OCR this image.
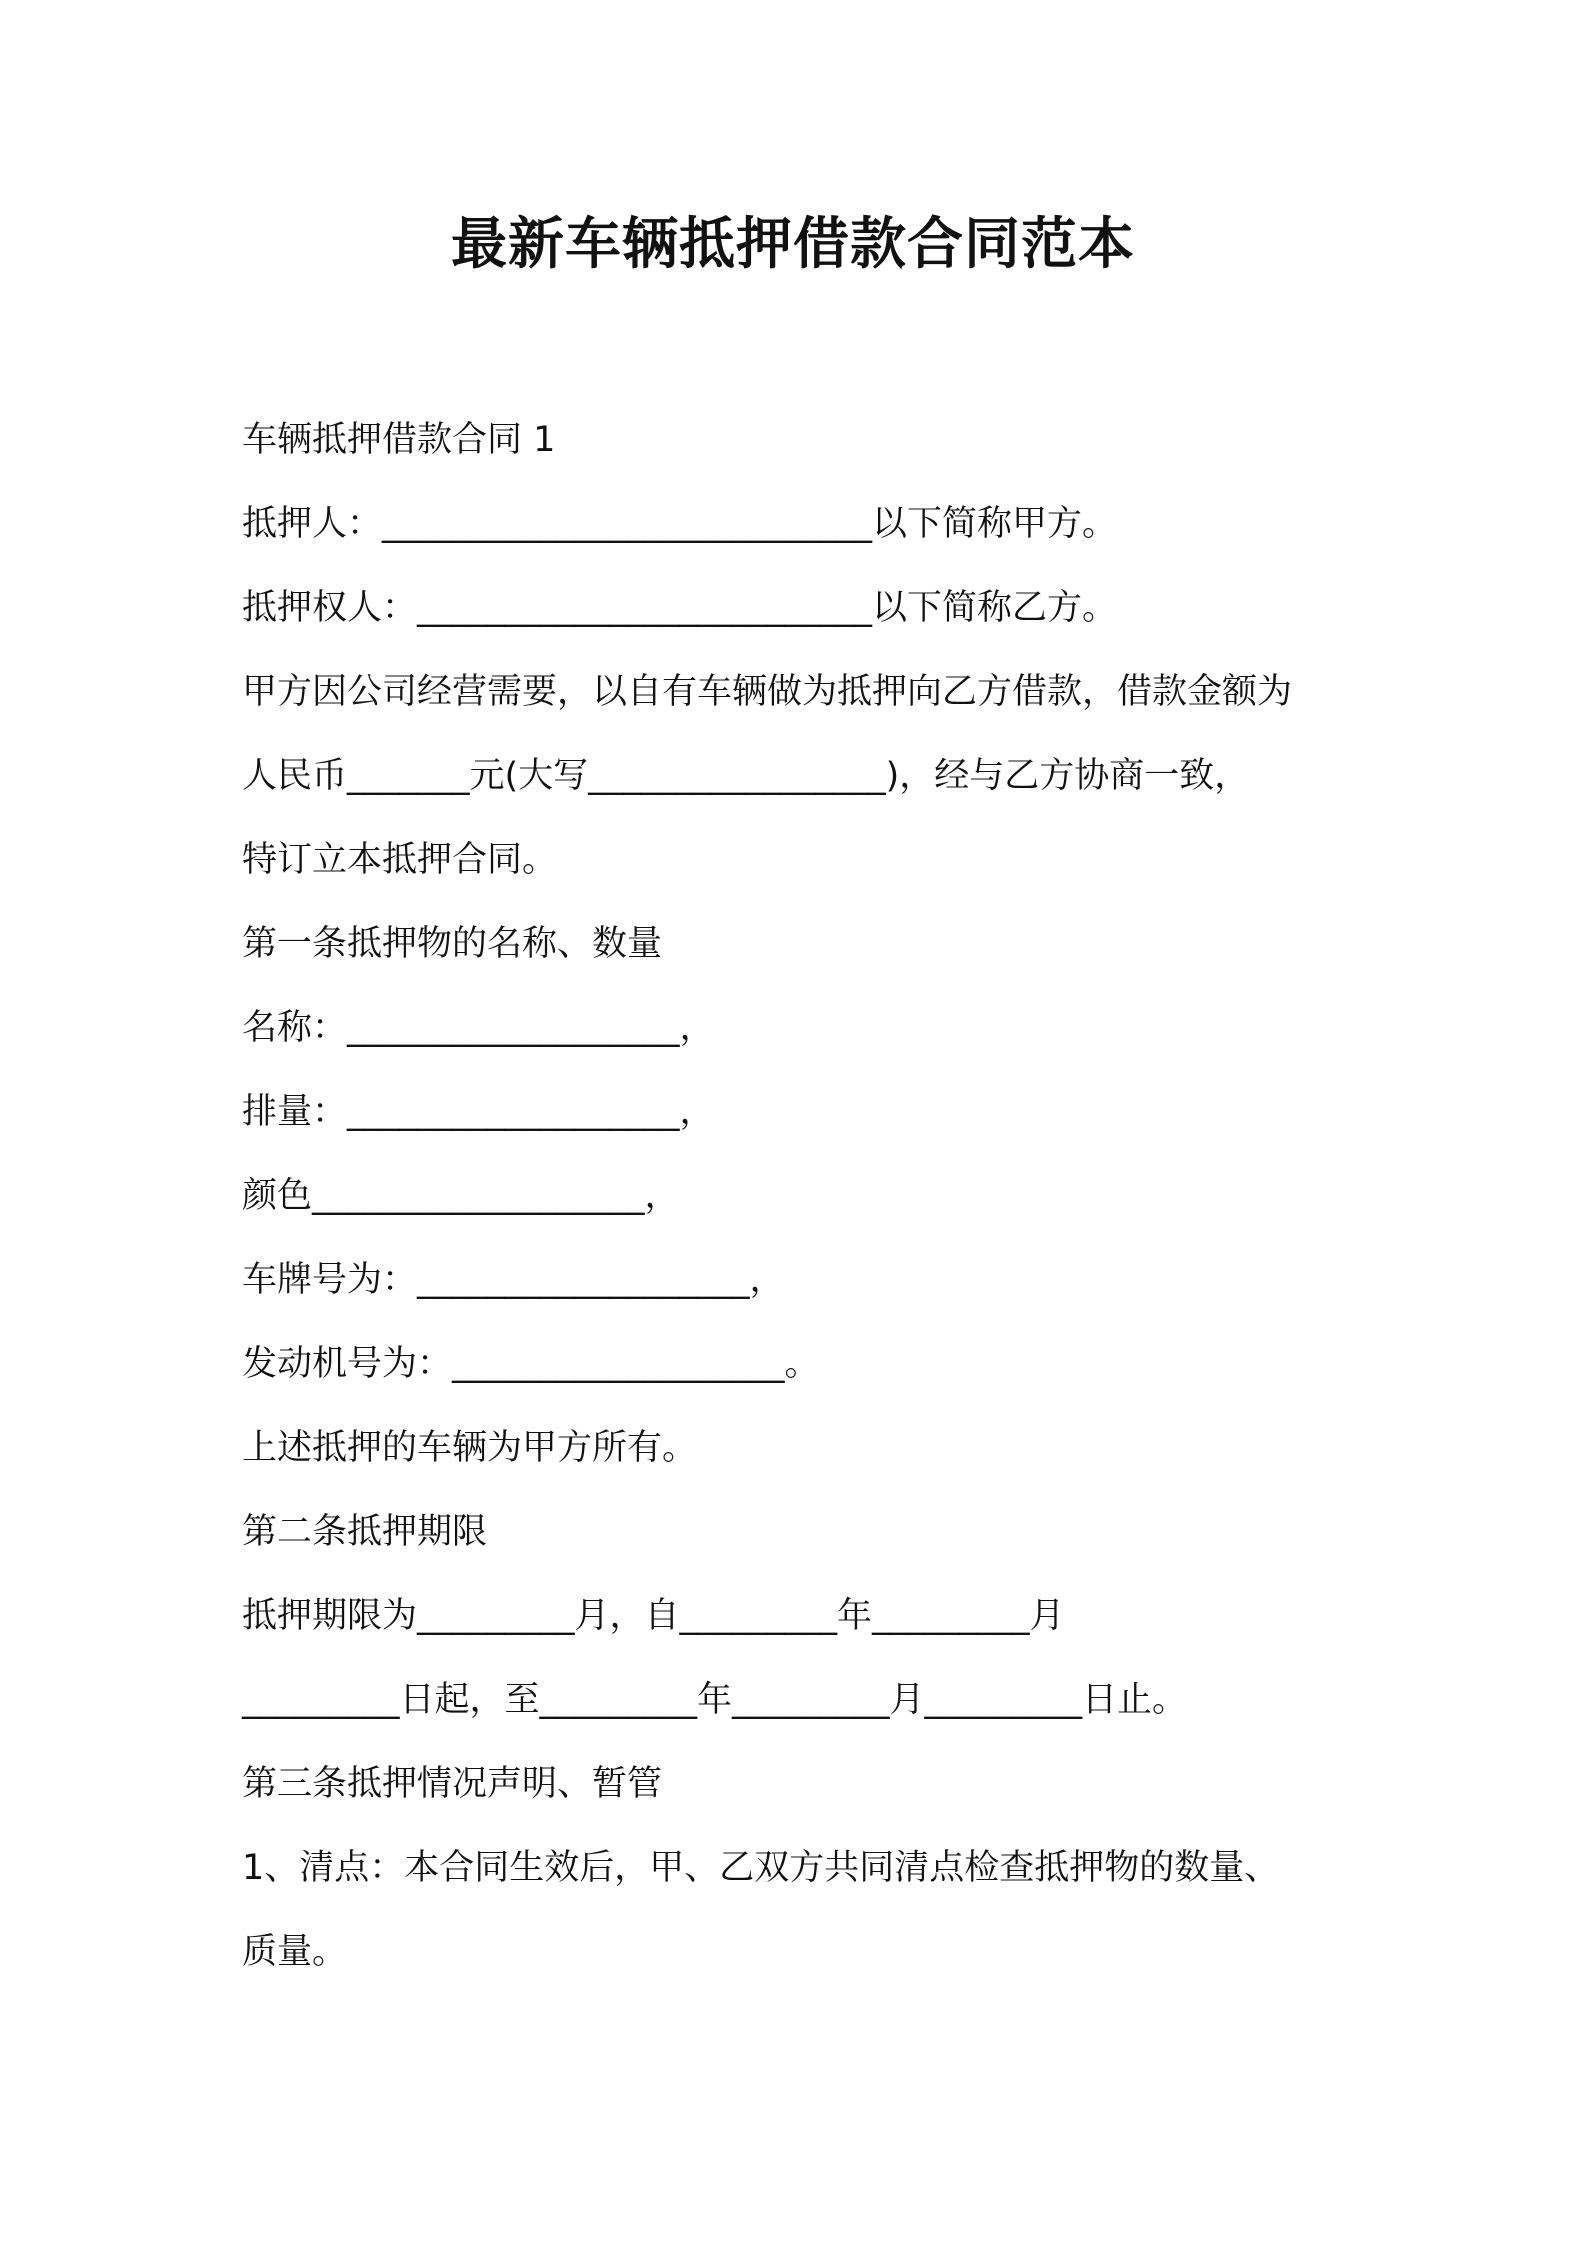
最新车辆抵押借款合同范本

车辆抵押借款合同 1

抵押人：____________________________以下简称甲方。

抵押权人：__________________________以下简称乙方。

甲方因公司经营需要，以自有车辆做为抵押向乙方借款，借款金额为

人民币_______元(大写_________________)，经与乙方协商一致，

特订立本抵押合同。

第一条抵押物的名称、数量

名称：___________________，

排量：___________________，

颜色___________________，

车牌号为：___________________，

发动机号为：___________________。

上述抵押的车辆为甲方所有。

第二条抵押期限

抵押期限为_________月，自_________年_________月

_________日起，至_________年_________月_________日止。

第三条抵押情况声明、暂管

1、清点：本合同生效后，甲、乙双方共同清点检查抵押物的数量、

质量。
